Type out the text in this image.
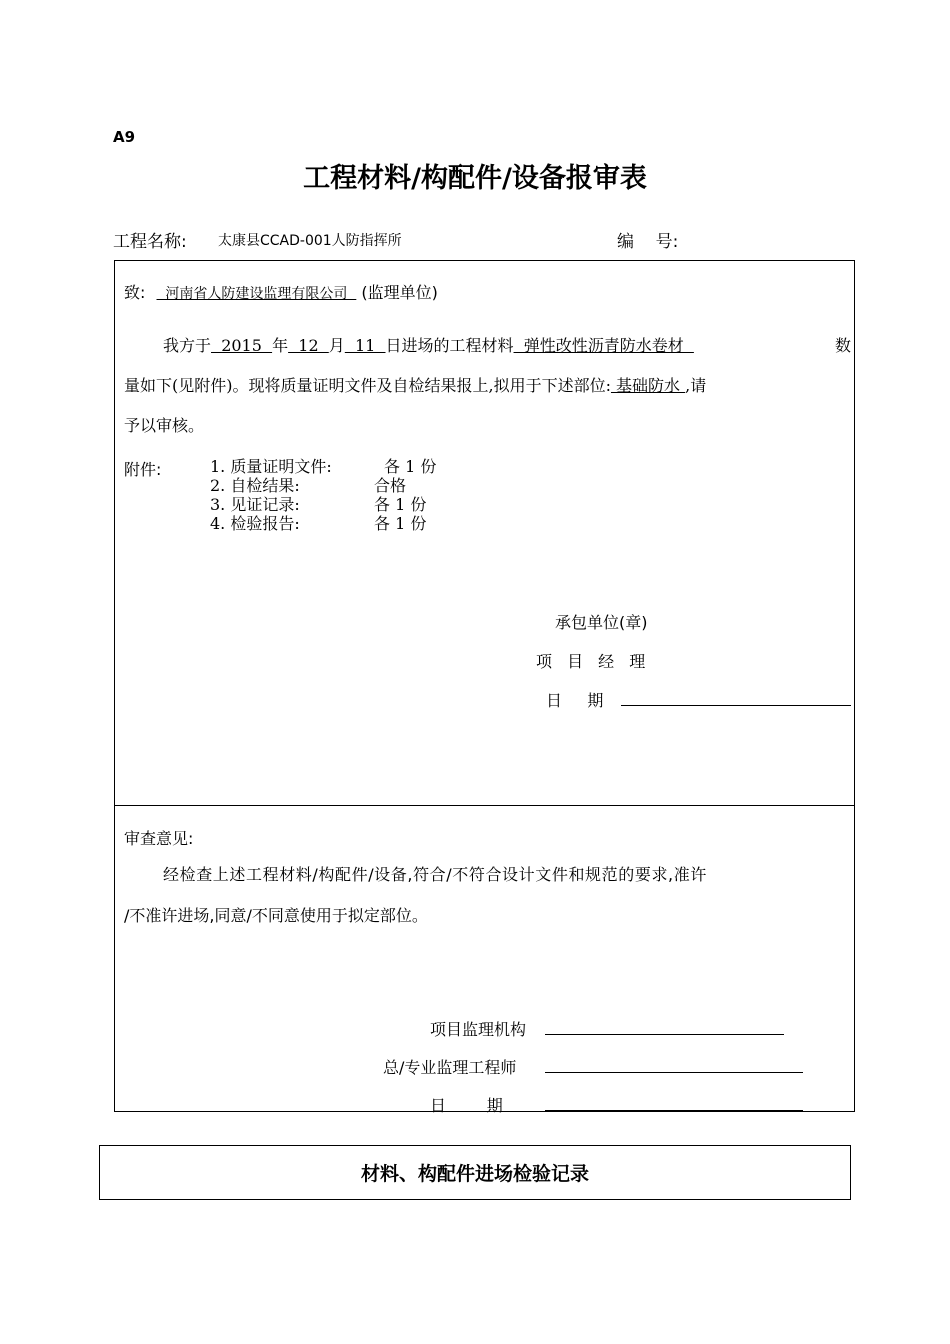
A9
工程材料/构配件/设备报审表
工程名称: 太康县CCAD-001人防指挥所	编    号:
致:   河南省人防建设监理有限公司   (监理单位)
我方于  2015  年  12  月  11  日进场的工程材料  弹性改性沥青防水卷材	数
量如下(见附件)。现将质量证明文件及自检结果报上,拟用于下述部位: 基础防水 ,请
予以审核。
附件:	1. 质量证明文件:	各 1 份
2. 自检结果:	合格
3. 见证记录:	各 1 份
4. 检验报告:	各 1 份
承包单位(章)
项 目 经 理
日     期
审查意见:
经检查上述工程材料/构配件/设备,符合/不符合设计文件和规范的要求,准许
/不准许进场,同意/不同意使用于拟定部位。
项目监理机构
总/专业监理工程师
日        期
材料、构配件进场检验记录
